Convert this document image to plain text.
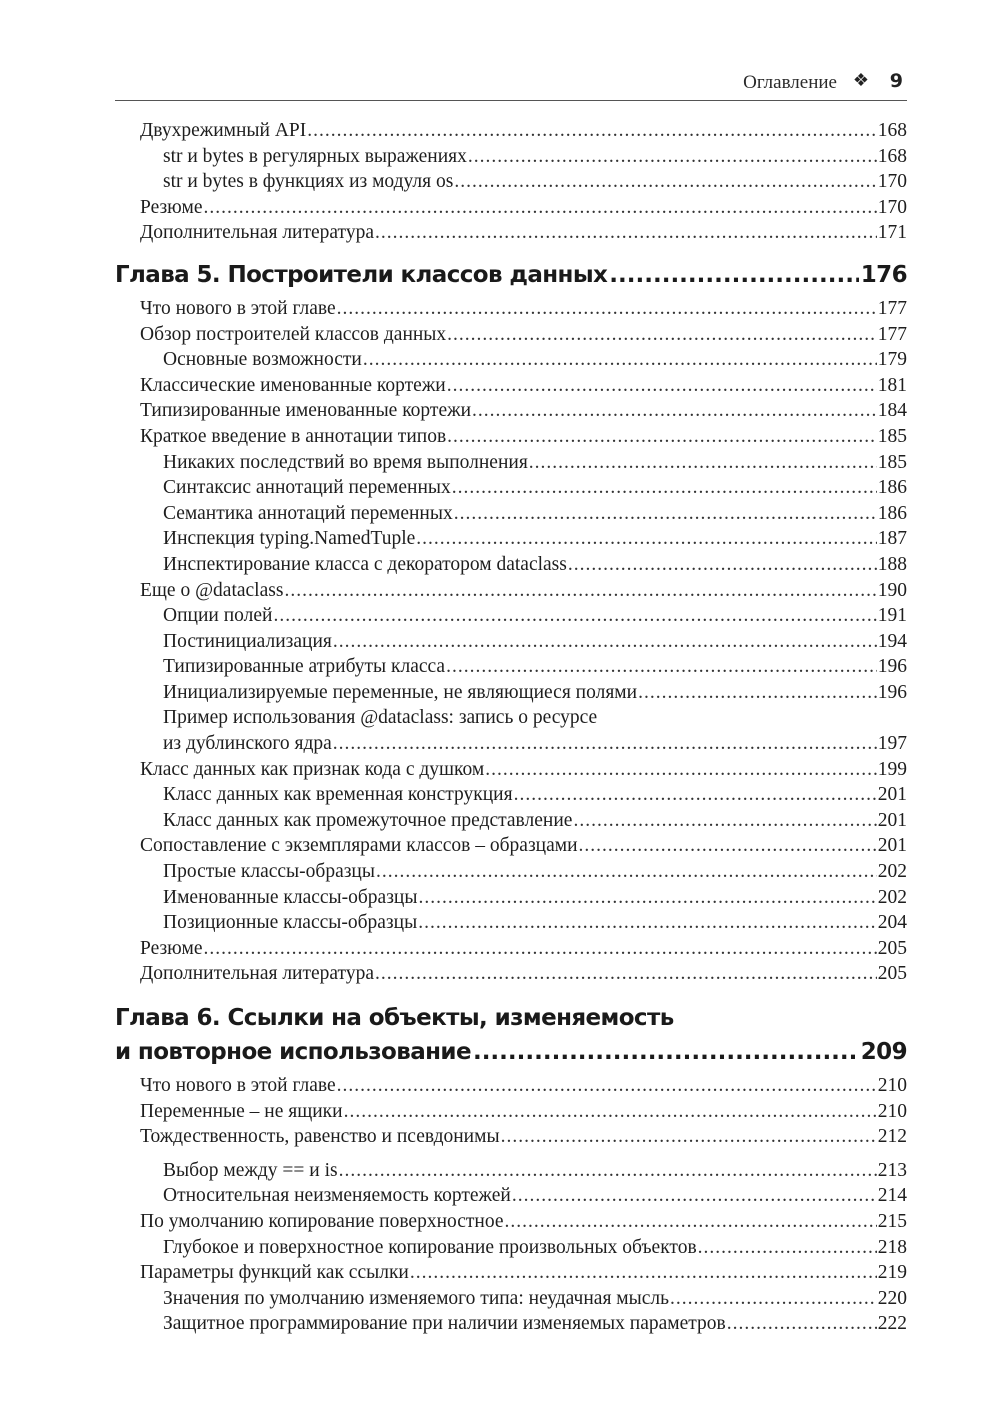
Оглавление ❖ 9
Двухрежимный API .....	168
str и bytes в регулярных выражениях .....	168
str и bytes в функциях из модуля os .....	170
Резюме .....	170
Дополнительная литература .....	171
Глава 5. Построители классов данных .....	176
Что нового в этой главе .....	177
Обзор построителей классов данных .....	177
Основные возможности .....	179
Классические именованные кортежи .....	181
Типизированные именованные кортежи .....	184
Краткое введение в аннотации типов .....	185
Никаких последствий во время выполнения .....	185
Синтаксис аннотаций переменных .....	186
Семантика аннотаций переменных .....	186
Инспекция typing.NamedTuple .....	187
Инспектирование класса с декоратором dataclass .....	188
Еще о @dataclass .....	190
Опции полей .....	191
Постинициализация .....	194
Типизированные атрибуты класса .....	196
Инициализируемые переменные, не являющиеся полями .....	196
Пример использования @dataclass: запись о ресурсе
из дублинского ядра .....	197
Класс данных как признак кода с душком .....	199
Класс данных как временная конструкция .....	201
Класс данных как промежуточное представление .....	201
Сопоставление с экземплярами классов – образцами .....	201
Простые классы-образцы .....	202
Именованные классы-образцы .....	202
Позиционные классы-образцы .....	204
Резюме .....	205
Дополнительная литература .....	205
Глава 6. Ссылки на объекты, изменяемость
и повторное использование .....	209
Что нового в этой главе .....	210
Переменные – не ящики .....	210
Тождественность, равенство и псевдонимы .....	212
Выбор между == и is .....	213
Относительная неизменяемость кортежей .....	214
По умолчанию копирование поверхностное .....	215
Глубокое и поверхностное копирование произвольных объектов .....	218
Параметры функций как ссылки .....	219
Значения по умолчанию изменяемого типа: неудачная мысль .....	220
Защитное программирование при наличии изменяемых параметров .....	222
